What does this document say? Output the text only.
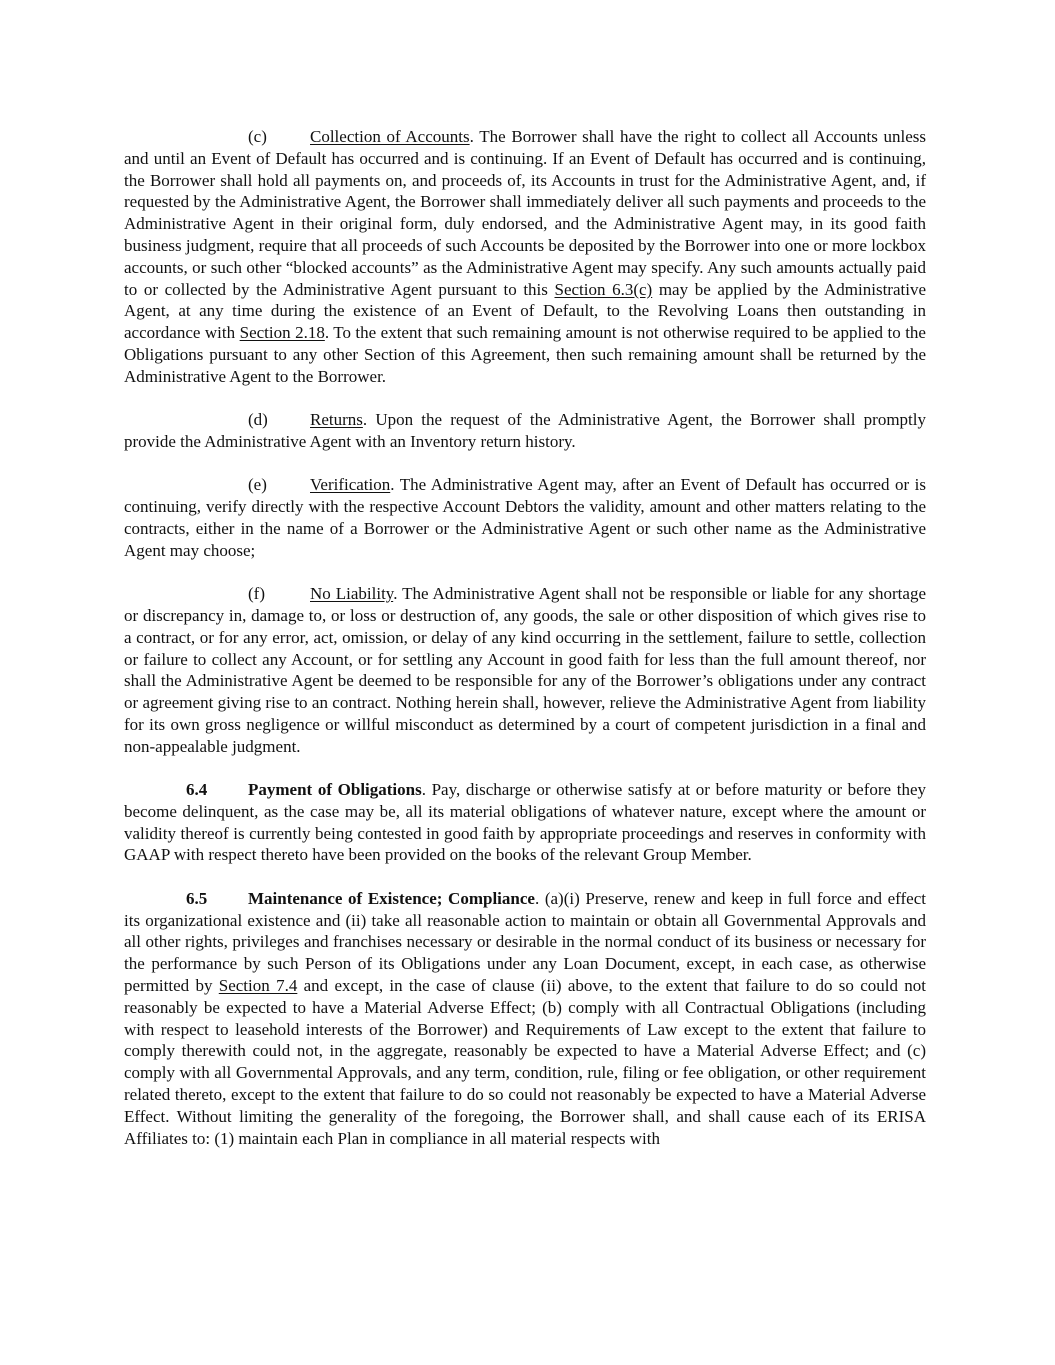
(c)	Collection of Accounts. The Borrower shall have the right to collect all Accounts unless and until an Event of Default has occurred and is continuing. If an Event of Default has occurred and is continuing, the Borrower shall hold all payments on, and proceeds of, its Accounts in trust for the Administrative Agent, and, if requested by the Administrative Agent, the Borrower shall immediately deliver all such payments and proceeds to the Administrative Agent in their original form, duly endorsed, and the Administrative Agent may, in its good faith business judgment, require that all proceeds of such Accounts be deposited by the Borrower into one or more lockbox accounts, or such other “blocked accounts” as the Administrative Agent may specify. Any such amounts actually paid to or collected by the Administrative Agent pursuant to this Section 6.3(c) may be applied by the Administrative Agent, at any time during the existence of an Event of Default, to the Revolving Loans then outstanding in accordance with Section 2.18. To the extent that such remaining amount is not otherwise required to be applied to the Obligations pursuant to any other Section of this Agreement, then such remaining amount shall be returned by the Administrative Agent to the Borrower.

(d) Returns. Upon the request of the Administrative Agent, the Borrower shall promptly provide the Administrative Agent with an Inventory return history.

(e)	Verification. The Administrative Agent may, after an Event of Default has occurred or is continuing, verify directly with the respective Account Debtors the validity, amount and other matters relating to the contracts, either in the name of a Borrower or the Administrative Agent or such other name as the Administrative Agent may choose;

(f)	No Liability. The Administrative Agent shall not be responsible or liable for any shortage or discrepancy in, damage to, or loss or destruction of, any goods, the sale or other disposition of which gives rise to a contract, or for any error, act, omission, or delay of any kind occurring in the settlement, failure to settle, collection or failure to collect any Account, or for settling any Account in good faith for less than the full amount thereof, nor shall the Administrative Agent be deemed to be responsible for any of the Borrower’s obligations under any contract or agreement giving rise to an contract. Nothing herein shall, however, relieve the Administrative Agent from liability for its own gross negligence or willful misconduct as determined by a court of competent jurisdiction in a final and non-appealable judgment.

6.4 Payment of Obligations. Pay, discharge or otherwise satisfy at or before maturity or before they become delinquent, as the case may be, all its material obligations of whatever nature, except where the amount or validity thereof is currently being contested in good faith by appropriate proceedings and reserves in conformity with GAAP with respect thereto have been provided on the books of the relevant Group Member.

6.5 Maintenance of Existence; Compliance. (a)(i) Preserve, renew and keep in full force and effect its organizational existence and (ii) take all reasonable action to maintain or obtain all Governmental Approvals and all other rights, privileges and franchises necessary or desirable in the normal conduct of its business or necessary for the performance by such Person of its Obligations under any Loan Document, except, in each case, as otherwise permitted by Section 7.4 and except, in the case of clause (ii) above, to the extent that failure to do so could not reasonably be expected to have a Material Adverse Effect; (b) comply with all Contractual Obligations (including with respect to leasehold interests of the Borrower) and Requirements of Law except to the extent that failure to comply therewith could not, in the aggregate, reasonably be expected to have a Material Adverse Effect; and (c) comply with all Governmental Approvals, and any term, condition, rule, filing or fee obligation, or other requirement related thereto, except to the extent that failure to do so could not reasonably be expected to have a Material Adverse Effect. Without limiting the generality of the foregoing, the Borrower shall, and shall cause each of its ERISA Affiliates to: (1) maintain each Plan in compliance in all material respects with
